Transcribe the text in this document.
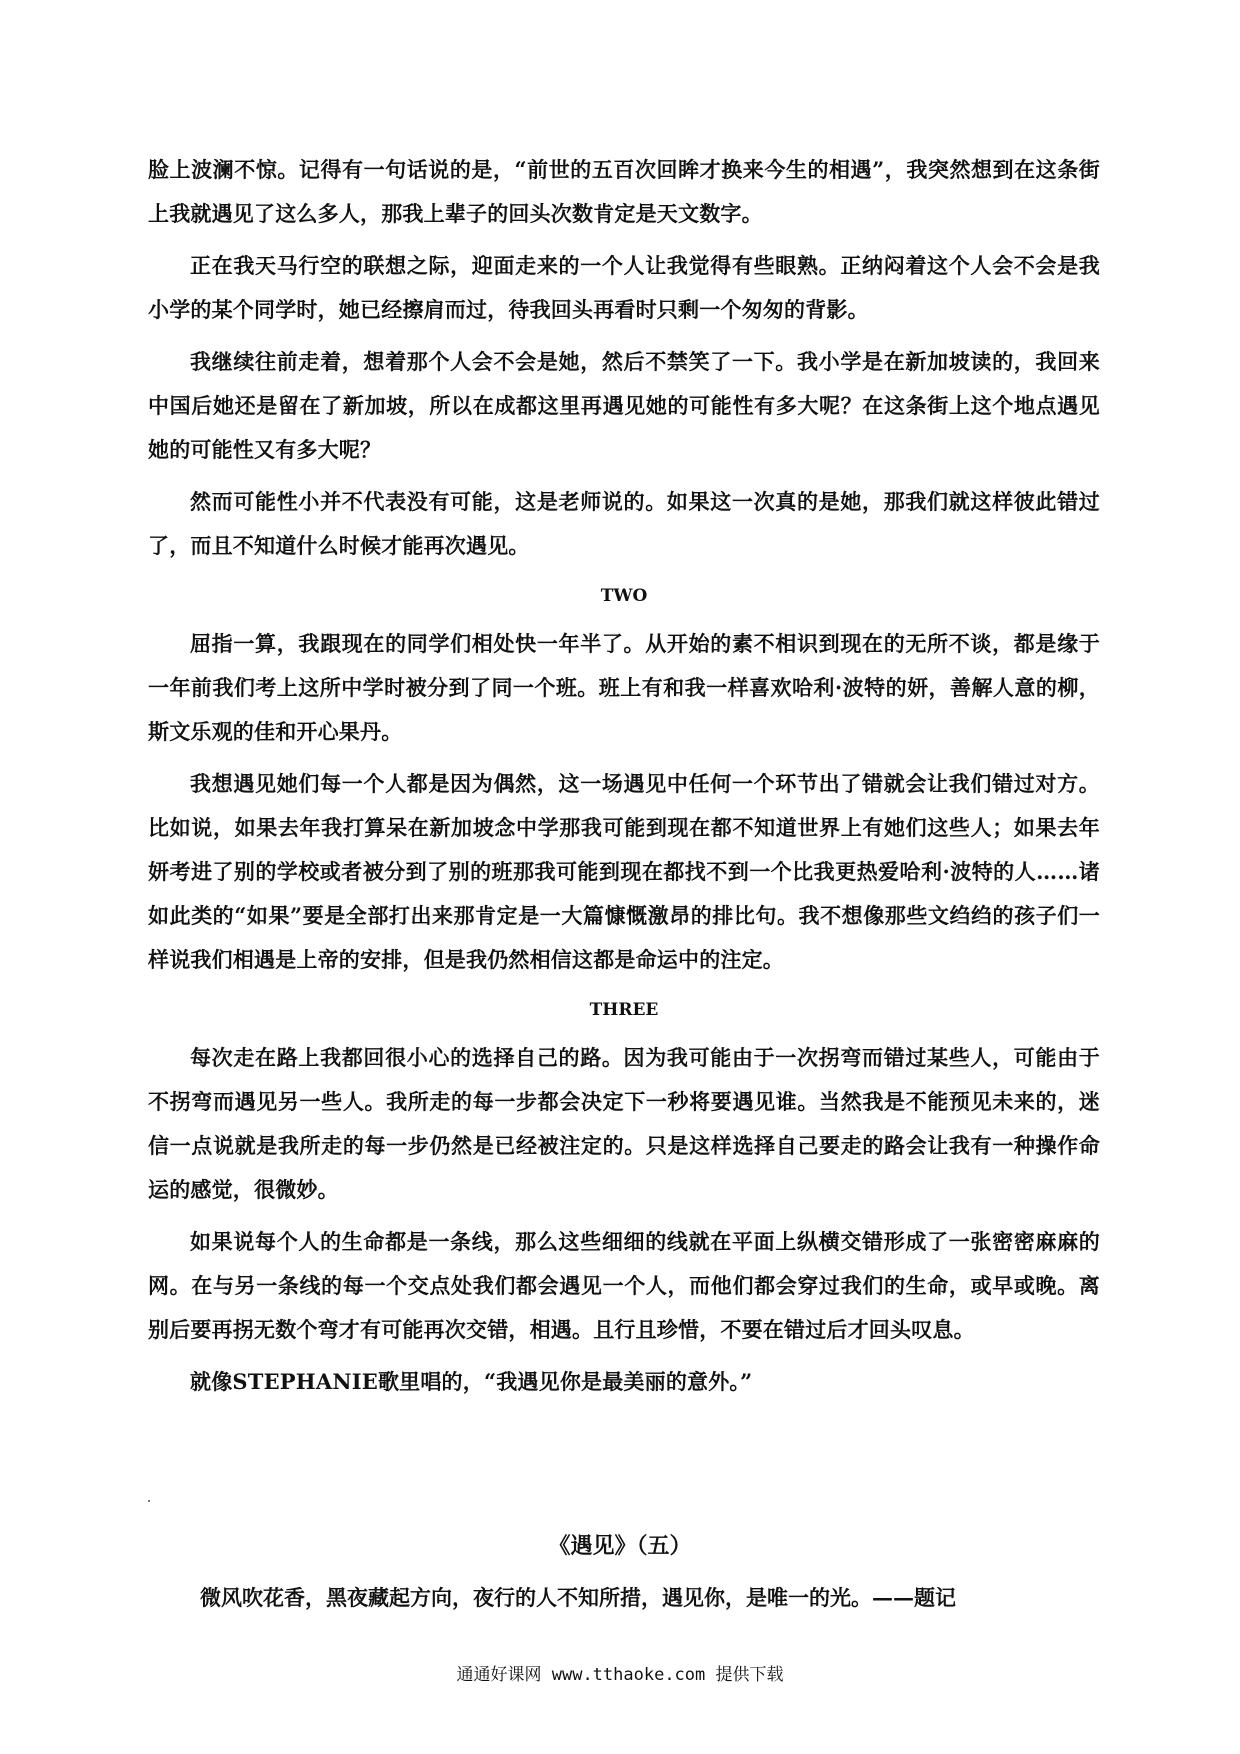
脸上波澜不惊。记得有一句话说的是，“前世的五百次回眸才换来今生的相遇”，我突然想到在这条街上我就遇见了这么多人，那我上辈子的回头次数肯定是天文数字。

正在我天马行空的联想之际，迎面走来的一个人让我觉得有些眼熟。正纳闷着这个人会不会是我小学的某个同学时，她已经擦肩而过，待我回头再看时只剩一个匆匆的背影。

我继续往前走着，想着那个人会不会是她，然后不禁笑了一下。我小学是在新加坡读的，我回来中国后她还是留在了新加坡，所以在成都这里再遇见她的可能性有多大呢？在这条街上这个地点遇见她的可能性又有多大呢？

然而可能性小并不代表没有可能，这是老师说的。如果这一次真的是她，那我们就这样彼此错过了，而且不知道什么时候才能再次遇见。

TWO

屈指一算，我跟现在的同学们相处快一年半了。从开始的素不相识到现在的无所不谈，都是缘于一年前我们考上这所中学时被分到了同一个班。班上有和我一样喜欢哈利·波特的妍，善解人意的柳，斯文乐观的佳和开心果丹。

我想遇见她们每一个人都是因为偶然，这一场遇见中任何一个环节出了错就会让我们错过对方。比如说，如果去年我打算呆在新加坡念中学那我可能到现在都不知道世界上有她们这些人；如果去年妍考进了别的学校或者被分到了别的班那我可能到现在都找不到一个比我更热爱哈利·波特的人……诸如此类的“如果”要是全部打出来那肯定是一大篇慷慨激昂的排比句。我不想像那些文绉绉的孩子们一样说我们相遇是上帝的安排，但是我仍然相信这都是命运中的注定。

THREE

每次走在路上我都回很小心的选择自己的路。因为我可能由于一次拐弯而错过某些人，可能由于不拐弯而遇见另一些人。我所走的每一步都会决定下一秒将要遇见谁。当然我是不能预见未来的，迷信一点说就是我所走的每一步仍然是已经被注定的。只是这样选择自己要走的路会让我有一种操作命运的感觉，很微妙。

如果说每个人的生命都是一条线，那么这些细细的线就在平面上纵横交错形成了一张密密麻麻的网。在与另一条线的每一个交点处我们都会遇见一个人，而他们都会穿过我们的生命，或早或晚。离别后要再拐无数个弯才有可能再次交错，相遇。且行且珍惜，不要在错过后才回头叹息。

就像STEPHANIE歌里唱的，“我遇见你是最美丽的意外。”

《遇见》（五）
微风吹花香，黑夜藏起方向，夜行的人不知所措，遇见你，是唯一的光。——题记
通通好课网 www.tthaoke.com 提供下载
